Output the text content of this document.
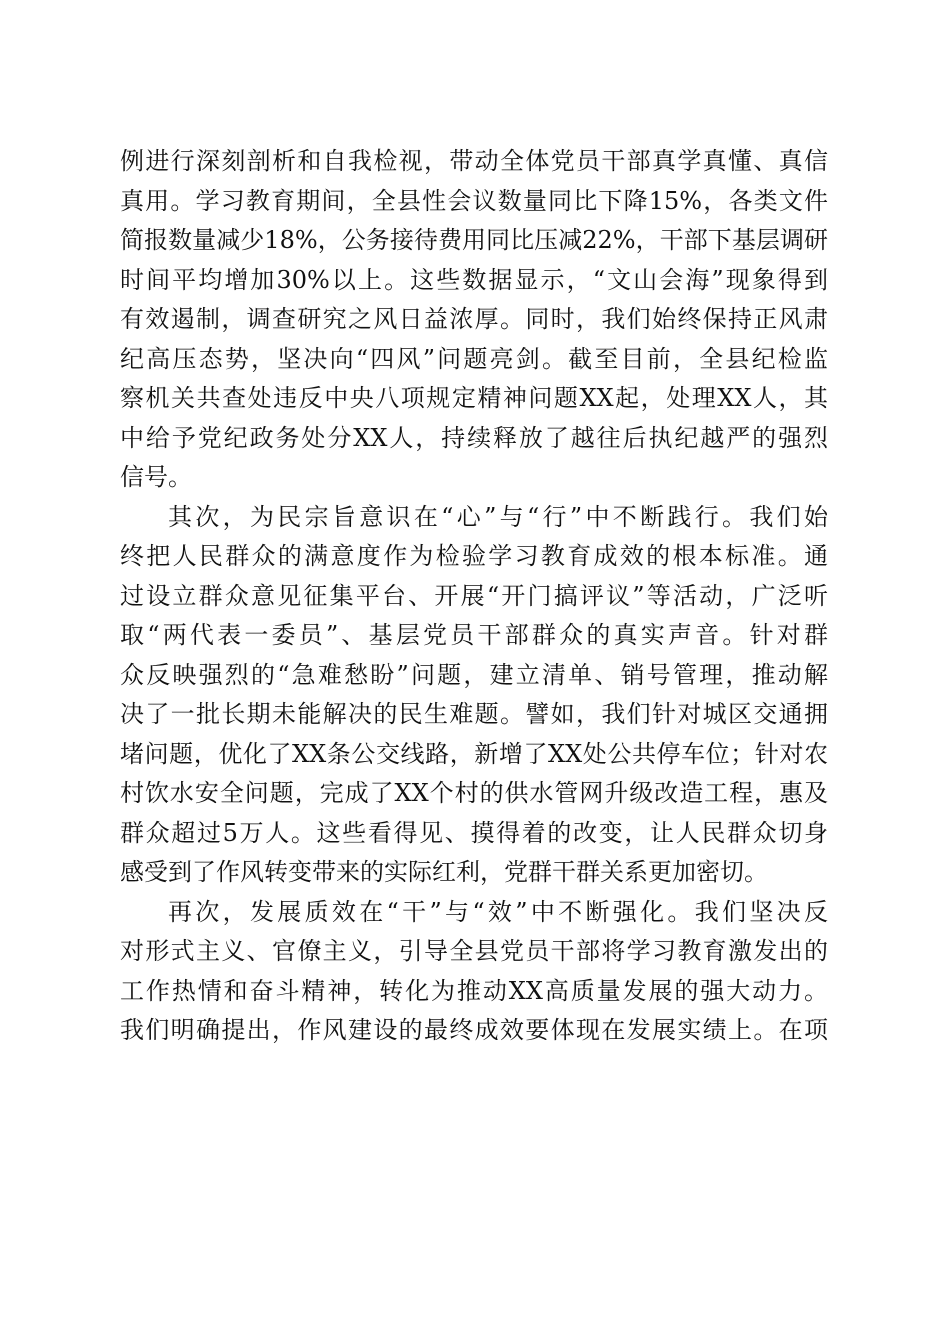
例进行深刻剖析和自我检视，带动全体党员干部真学真懂、真信
真用。学习教育期间，全县性会议数量同比下降15%，各类文件
简报数量减少18%，公务接待费用同比压减22%，干部下基层调研
时间平均增加30%以上。这些数据显示，“文山会海”现象得到
有效遏制，调查研究之风日益浓厚。同时，我们始终保持正风肃
纪高压态势，坚决向“四风”问题亮剑。截至目前，全县纪检监
察机关共查处违反中央八项规定精神问题XX起，处理XX人，其
中给予党纪政务处分XX人，持续释放了越往后执纪越严的强烈
信号。
其次，为民宗旨意识在“心”与“行”中不断践行。我们始
终把人民群众的满意度作为检验学习教育成效的根本标准。通
过设立群众意见征集平台、开展“开门搞评议”等活动，广泛听
取“两代表一委员”、基层党员干部群众的真实声音。针对群
众反映强烈的“急难愁盼”问题，建立清单、销号管理，推动解
决了一批长期未能解决的民生难题。譬如，我们针对城区交通拥
堵问题，优化了XX条公交线路，新增了XX处公共停车位；针对农
村饮水安全问题，完成了XX个村的供水管网升级改造工程，惠及
群众超过5万人。这些看得见、摸得着的改变，让人民群众切身
感受到了作风转变带来的实际红利，党群干群关系更加密切。
再次，发展质效在“干”与“效”中不断强化。我们坚决反
对形式主义、官僚主义，引导全县党员干部将学习教育激发出的
工作热情和奋斗精神，转化为推动XX高质量发展的强大动力。
我们明确提出，作风建设的最终成效要体现在发展实绩上。在项
